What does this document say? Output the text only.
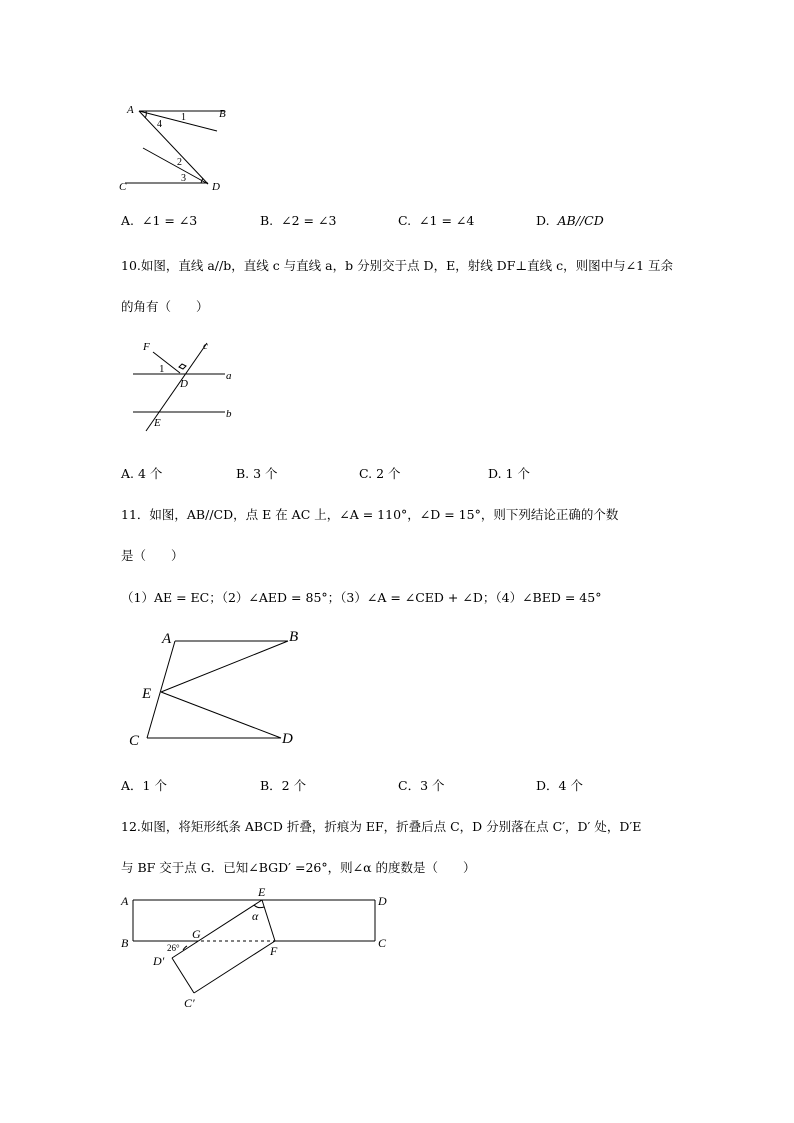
A	B
C	D
1
4
2
3
A. ∠1 = ∠3	B. ∠2 = ∠3	C. ∠1 = ∠4	D. AB//CD
10.如图，直线 a//b，直线 c 与直线 a，b 分别交于点 D，E，射线 DF⊥直线 c，则图中与∠1 互余
的角有（　　）
F	c
1
D
a
b
E
A. 4 个	B. 3 个	C. 2 个	D. 1 个
11．如图，AB//CD，点 E 在 AC 上，∠A = 110°，∠D = 15°，则下列结论正确的个数
是（　　）
（1）AE = EC；（2）∠AED = 85°；（3）∠A = ∠CED + ∠D；（4）∠BED = 45°
A	B
E
C	D
A．1 个	B．2 个	C．3 个	D．4 个
12.如图，将矩形纸条 ABCD 折叠，折痕为 EF，折叠后点 C，D 分别落在点 C′，D′ 处，D′E
与 BF 交于点 G．已知∠BGD′ =26°，则∠α 的度数是（　　）
A	D
E
α
B
G
C
F
26°
D′
C′
